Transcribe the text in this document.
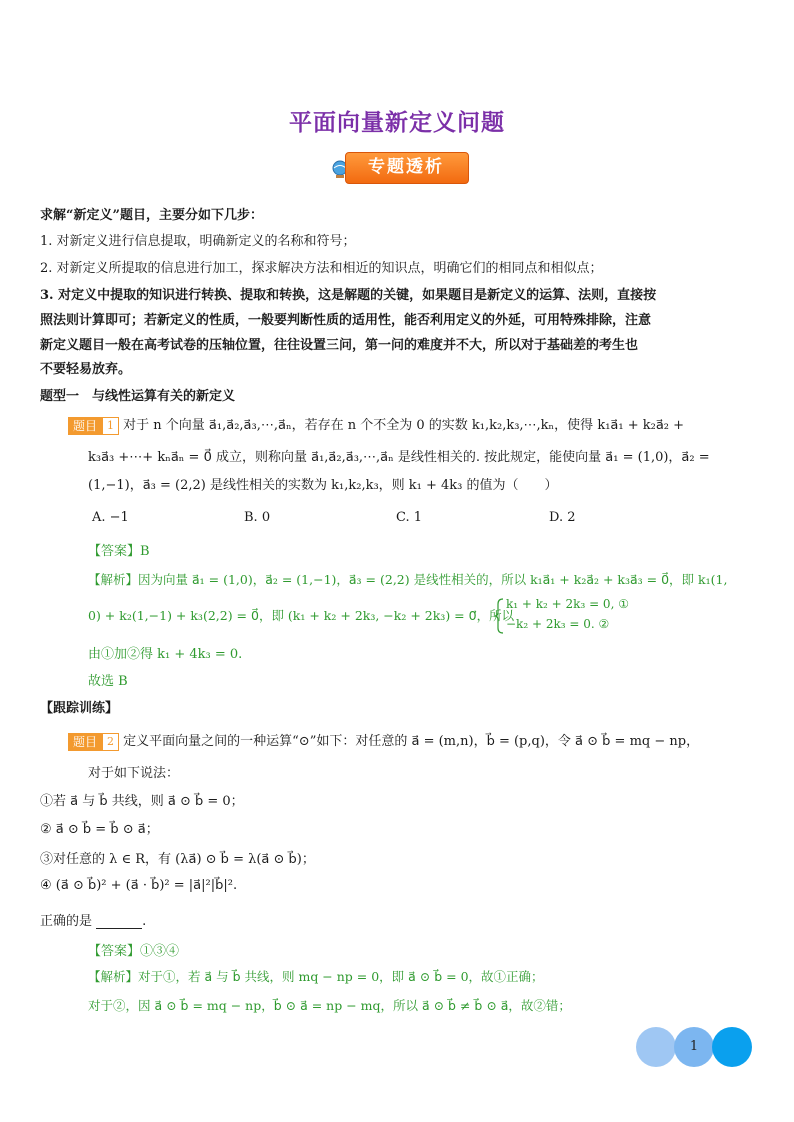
平面向量新定义问题
专题透析
求解“新定义”题目，主要分如下几步：
1. 对新定义进行信息提取，明确新定义的名称和符号；
2. 对新定义所提取的信息进行加工，探求解决方法和相近的知识点，明确它们的相同点和相似点；
3. 对定义中提取的知识进行转换、提取和转换，这是解题的关键，如果题目是新定义的运算、法则，直接按
照法则计算即可；若新定义的性质，一般要判断性质的适用性，能否利用定义的外延，可用特殊排除，注意
新定义题目一般在高考试卷的压轴位置，往往设置三问，第一问的难度并不大，所以对于基础差的考生也
不要轻易放弃。
题型一　与线性运算有关的新定义
题目 1 对于 n 个向量 a⃗₁,a⃗₂,a⃗₃,⋯,a⃗ₙ，若存在 n 个不全为 0 的实数 k₁,k₂,k₃,⋯,kₙ，使得 k₁a⃗₁ + k₂a⃗₂ +
k₃a⃗₃ +⋯+ kₙa⃗ₙ = 0⃗ 成立，则称向量 a⃗₁,a⃗₂,a⃗₃,⋯,a⃗ₙ 是线性相关的. 按此规定，能使向量 a⃗₁ = (1,0)，a⃗₂ =
(1,−1)，a⃗₃ = (2,2) 是线性相关的实数为 k₁,k₂,k₃，则 k₁ + 4k₃ 的值为（　　）
A. −1	B. 0	C. 1	D. 2
【答案】B
【解析】因为向量 a⃗₁ = (1,0)，a⃗₂ = (1,−1)，a⃗₃ = (2,2) 是线性相关的，所以 k₁a⃗₁ + k₂a⃗₂ + k₃a⃗₃ = 0⃗，即 k₁(1,
0) + k₂(1,−1) + k₃(2,2) = 0⃗，即 (k₁ + k₂ + 2k₃, −k₂ + 2k₃) = 0⃗，所以
k₁ + k₂ + 2k₃ = 0, ①
−k₂ + 2k₃ = 0. ②
由①加②得 k₁ + 4k₃ = 0.
故选 B
【跟踪训练】
题目 2 定义平面向量之间的一种运算“⊙”如下：对任意的 a⃗ = (m,n)，b⃗ = (p,q)，令 a⃗ ⊙ b⃗ = mq − np，
对于如下说法：
①若 a⃗ 与 b⃗ 共线，则 a⃗ ⊙ b⃗ = 0；
② a⃗ ⊙ b⃗ = b⃗ ⊙ a⃗；
③对任意的 λ ∈ R，有 (λa⃗) ⊙ b⃗ = λ(a⃗ ⊙ b⃗)；
④ (a⃗ ⊙ b⃗)² + (a⃗ · b⃗)² = |a⃗|²|b⃗|².
正确的是	.
【答案】①③④
【解析】对于①，若 a⃗ 与 b⃗ 共线，则 mq − np = 0，即 a⃗ ⊙ b⃗ = 0，故①正确；
对于②，因 a⃗ ⊙ b⃗ = mq − np，b⃗ ⊙ a⃗ = np − mq，所以 a⃗ ⊙ b⃗ ≠ b⃗ ⊙ a⃗，故②错；
1
